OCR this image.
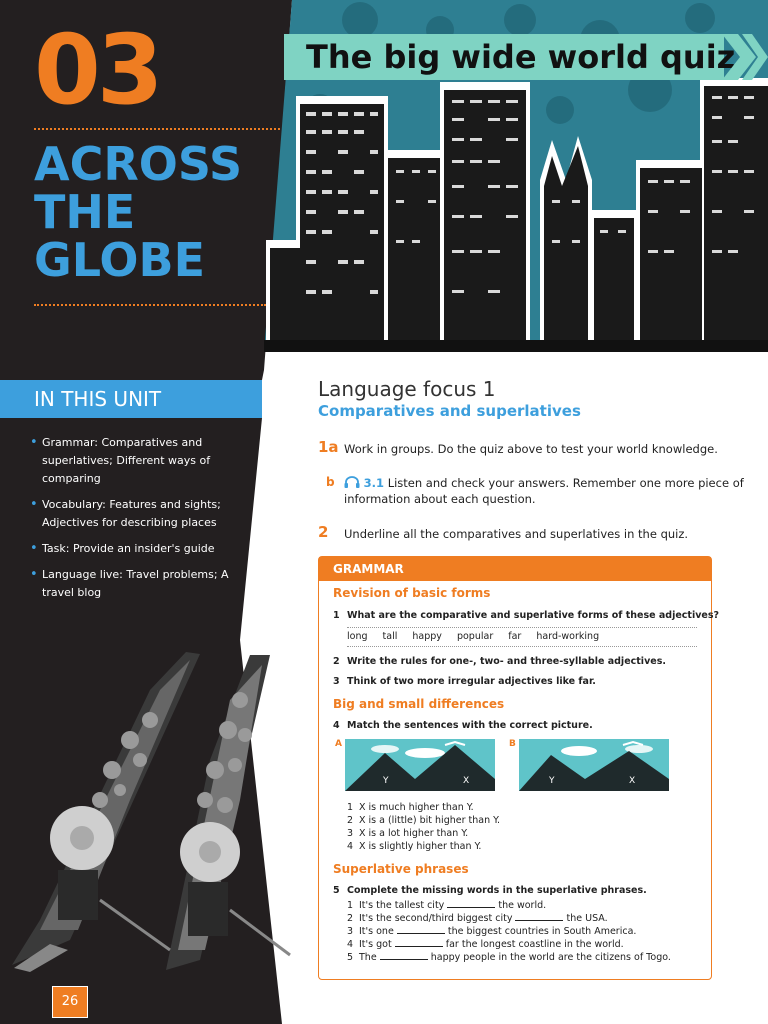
03
ACROSS
THE
GLOBE
IN THIS UNIT
• Grammar: Comparatives and superlatives; Different ways of comparing
• Vocabulary: Features and sights; Adjectives for describing places
• Task: Provide an insider's guide
• Language live: Travel problems; A travel blog
26
The big wide world quiz
Language focus 1
Comparatives and superlatives
1a Work in groups. Do the quiz above to test your world knowledge.
b	3.1 Listen and check your answers. Remember one more piece of information about each question.
2 Underline all the comparatives and superlatives in the quiz.
GRAMMAR
Revision of basic forms
1 What are the comparative and superlative forms of these adjectives?
long tall happy popular far hard-working
2 Write the rules for one-, two- and three-syllable adjectives.
3 Think of two more irregular adjectives like far.
Big and small differences
4 Match the sentences with the correct picture.
A
Y	X
B
Y	X
1 X is much higher than Y.
2 X is a (little) bit higher than Y.
3 X is a lot higher than Y.
4 X is slightly higher than Y.
Superlative phrases
5 Complete the missing words in the superlative phrases.
1 It's the tallest city	the world.
2 It's the second/third biggest city	the USA.
3 It's one	the biggest countries in South America.
4 It's got	far the longest coastline in the world.
5 The	happy people in the world are the citizens of Togo.
